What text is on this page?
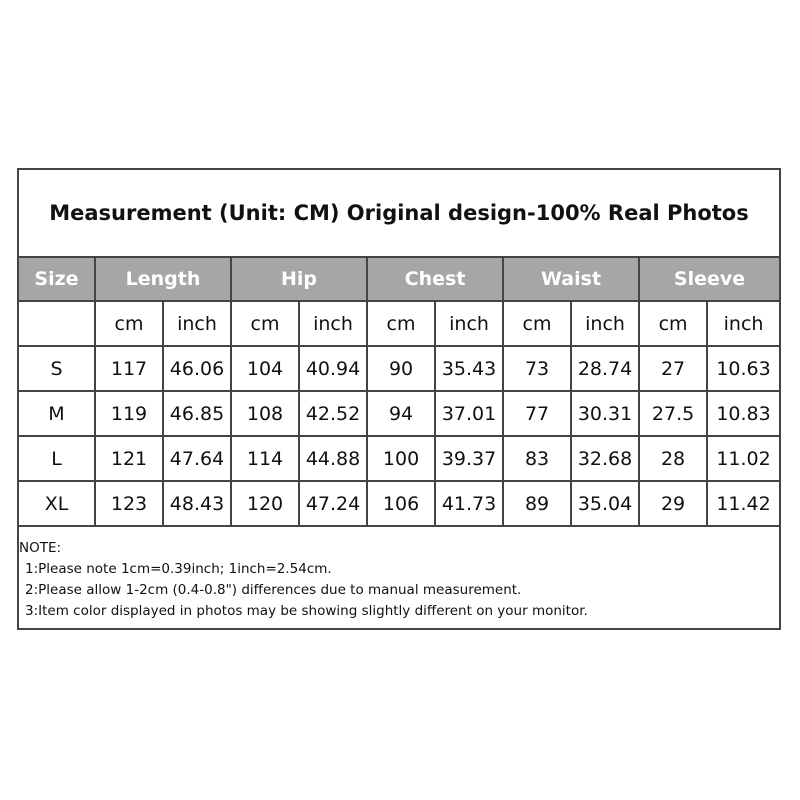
Measurement (Unit: CM) Original design-100% Real Photos
Size	Length		Hip		Chest		Waist		Sleeve	
	cm	inch	cm	inch	cm	inch	cm	inch	cm	inch
S	117	46.06	104	40.94	90	35.43	73	28.74	27	10.63
M	119	46.85	108	42.52	94	37.01	77	30.31	27.5	10.83
L	121	47.64	114	44.88	100	39.37	83	32.68	28	11.02
XL	123	48.43	120	47.24	106	41.73	89	35.04	29	11.42
NOTE:
1:Please note 1cm=0.39inch; 1inch=2.54cm.
2:Please allow 1-2cm (0.4-0.8") differences due to manual measurement.
3:Item color displayed in photos may be showing slightly different on your monitor.
